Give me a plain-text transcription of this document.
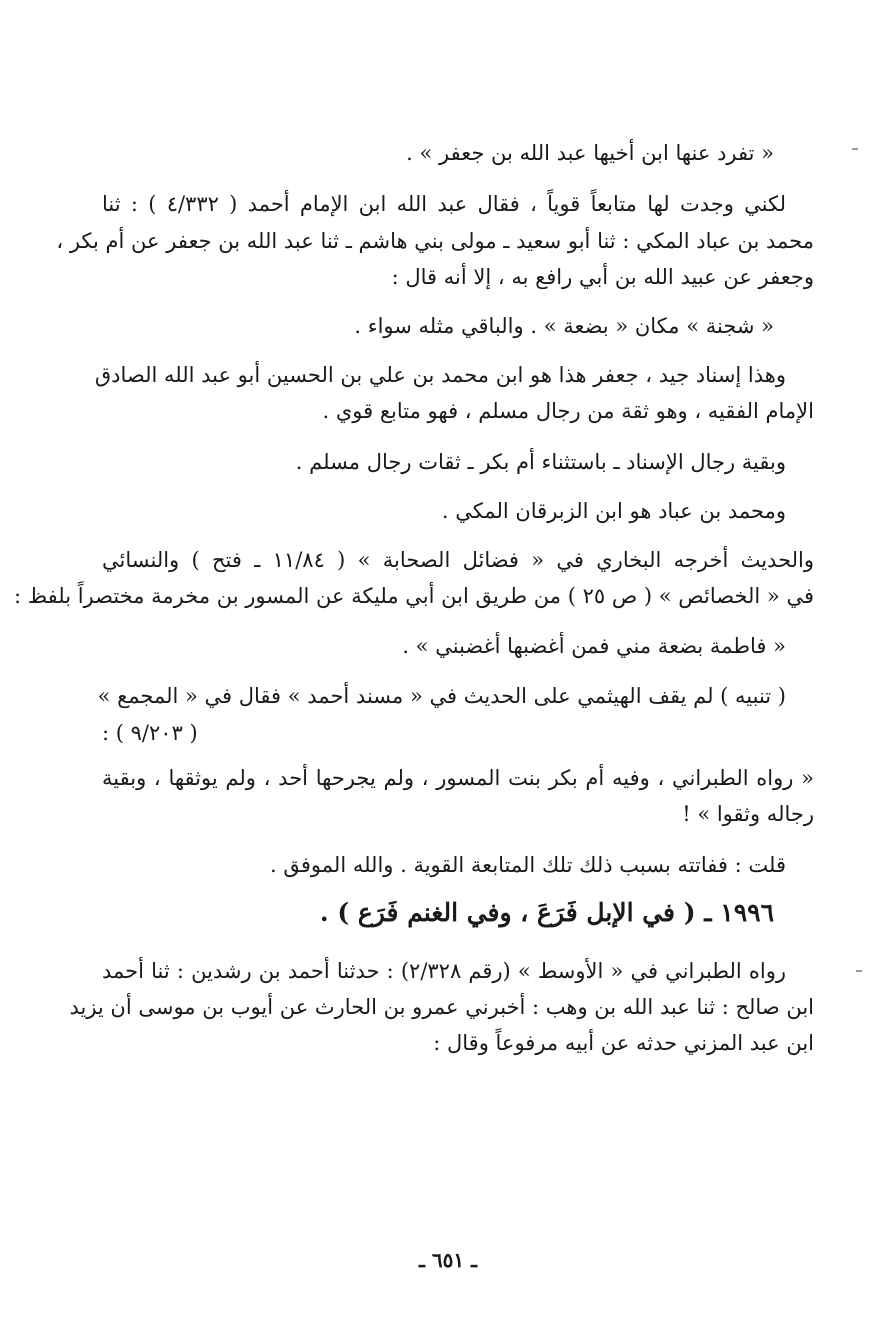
« تفرد عنها ابن أخيها عبد الله بن جعفر » .
لكني وجدت لها متابعاً قوياً ، فقال عبد الله ابن الإمام أحمد ( ٤/٣٣٢ ) : ثنا
محمد بن عباد المكي : ثنا أبو سعيد ـ مولى بني هاشم ـ ثنا عبد الله بن جعفر عن أم بكر ،
وجعفر عن عبيد الله بن أبي رافع به ، إلا أنه قال :
« شجنة » مكان « بضعة » . والباقي مثله سواء .
وهذا إسناد جيد ، جعفر هذا هو ابن محمد بن علي بن الحسين أبو عبد الله الصادق
الإمام الفقيه ، وهو ثقة من رجال مسلم ، فهو متابع قوي .
وبقية رجال الإسناد ـ باستثناء أم بكر ـ ثقات رجال مسلم .
ومحمد بن عباد هو ابن الزبرقان المكي .
والحديث أخرجه البخاري في « فضائل الصحابة » ( ١١/٨٤ ـ فتح ) والنسائي
في « الخصائص » ( ص ٢٥ ) من طريق ابن أبي مليكة عن المسور بن مخرمة مختصراً بلفظ :
« فاطمة بضعة مني فمن أغضبها أغضبني » .
( تنبيه ) لم يقف الهيثمي على الحديث في « مسند أحمد » فقال في « المجمع »
( ٩/٢٠٣ ) :
« رواه الطبراني ، وفيه أم بكر بنت المسور ، ولم يجرحها أحد ، ولم يوثقها ، وبقية
رجاله وثقوا » !
قلت : ففاتته بسبب ذلك تلك المتابعة القوية . والله الموفق .
١٩٩٦ ـ ( في الإبل فَرَعَ ، وفي الغنم فَرَع ) .
رواه الطبراني في « الأوسط » (رقم ٢/٣٢٨) : حدثنا أحمد بن رشدين : ثنا أحمد
ابن صالح : ثنا عبد الله بن وهب : أخبرني عمرو بن الحارث عن أيوب بن موسى أن يزيد
ابن عبد المزني حدثه عن أبيه مرفوعاً وقال :
ـ ٦٥١ ـ
